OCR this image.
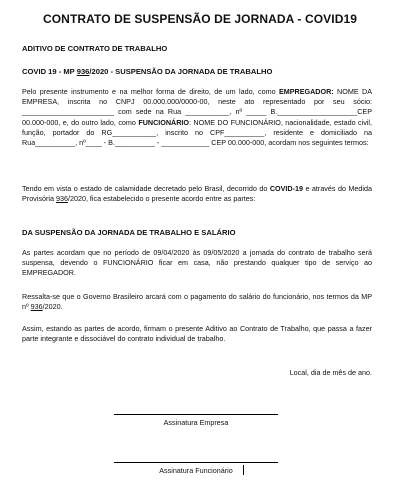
CONTRATO DE SUSPENSÃO DE JORNADA - COVID19
ADITIVO DE CONTRATO DE TRABALHO
COVID 19 - MP 936/2020 - SUSPENSÃO DA JORNADA DE TRABALHO
Pelo presente instrumento e na melhor forma de direito, de um lado, como EMPREGADOR: NOME DA EMPRESA, inscrita no CNPJ 00.000.000/0000-00, neste ato representado por seu sócio: _______________________ com sede na Rua ___________, nº _____ B.____________________CEP 00.000-000, e, do outro lado, como FUNCIONÁRIO: NOME DO FUNCIONÁRIO, nacionalidade, estado civil, função, portador do RG___________, inscrito no CPF__________, residente e domiciliado na Rua__________, nº____ - B.__________ - ____________ CEP 00.000-000, acordam nos seguintes termos:
Tendo em vista o estado de calamidade decretado pelo Brasil, decorrido do COVID-19 e através do Medida Provisória 936/2020, fica estabelecido o presente acordo entre as partes:
DA SUSPENSÃO DA JORNADA DE TRABALHO E SALÁRIO
As partes acordam que no período de 09/04/2020 às 09/05/2020 a jornada do contrato de trabalho será suspensa, devendo o FUNCIONÁRIO ficar em casa, não prestando qualquer tipo de serviço ao EMPREGADOR.
Ressalta-se que o Governo Brasileiro arcará com o pagamento do salário do funcionário, nos termos da MP nº 936/2020.
Assim, estando as partes de acordo, firmam o presente Aditivo ao Contrato de Trabalho, que passa a fazer parte integrante e dissociável do contrato individual de trabalho.
Local, dia de mês de ano.
Assinatura Empresa
Assinatura Funcionário
